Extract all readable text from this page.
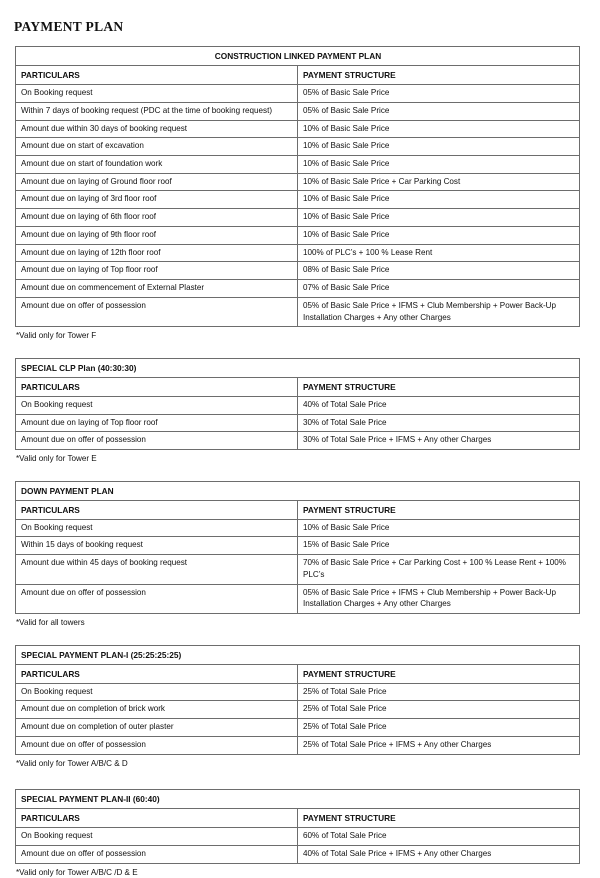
PAYMENT PLAN
CONSTRUCTION LINKED PAYMENT PLAN	
PARTICULARS	PAYMENT STRUCTURE
On Booking request	05% of Basic Sale Price
Within 7 days of booking request (PDC at the time of booking request)	05% of Basic Sale Price
Amount due within 30 days of booking request	10% of Basic Sale Price
Amount due on start of excavation	10% of Basic Sale Price
Amount due on start of foundation work	10% of Basic Sale Price
Amount due on laying of Ground floor roof	10% of Basic Sale Price + Car Parking Cost
Amount due on laying of 3rd floor roof	10% of Basic Sale Price
Amount due on laying of 6th floor roof	10% of Basic Sale Price
Amount due on laying of 9th floor roof	10% of Basic Sale Price
Amount due on laying of 12th floor roof	100% of PLC’s + 100 % Lease Rent
Amount due on laying of Top floor roof	08% of Basic Sale Price
Amount due on commencement of External Plaster	07% of Basic Sale Price
Amount due on offer of possession	05% of Basic Sale Price + IFMS + Club Membership + Power Back-Up Installation Charges + Any other Charges

*Valid only for Tower F

SPECIAL CLP Plan (40:30:30)	
PARTICULARS	PAYMENT STRUCTURE
On Booking request	40% of Total Sale Price
Amount due on laying of Top floor roof	30% of Total Sale Price
Amount due on offer of possession	30% of Total Sale Price + IFMS + Any other Charges

*Valid only for Tower E

DOWN PAYMENT PLAN	
PARTICULARS	PAYMENT STRUCTURE
On Booking request	10% of Basic Sale Price
Within 15 days of booking request	15% of Basic Sale Price
Amount due within 45 days of booking request	70% of Basic Sale Price + Car Parking Cost + 100 % Lease Rent + 100% PLC’s
Amount due on offer of possession	05% of Basic Sale Price + IFMS + Club Membership + Power Back-Up Installation Charges + Any other Charges

*Valid for all towers

SPECIAL PAYMENT PLAN-I (25:25:25:25)	
PARTICULARS	PAYMENT STRUCTURE
On Booking request	25% of Total Sale Price
Amount due on completion of brick work	25% of Total Sale Price
Amount due on completion of outer plaster	25% of Total Sale Price
Amount due on offer of possession	25% of Total Sale Price + IFMS + Any other Charges

*Valid only for Tower A/B/C & D

SPECIAL PAYMENT PLAN-II (60:40)	
PARTICULARS	PAYMENT STRUCTURE
On Booking request	60% of Total Sale Price
Amount due on offer of possession	40% of Total Sale Price + IFMS + Any other Charges

*Valid only for Tower A/B/C /D & E
